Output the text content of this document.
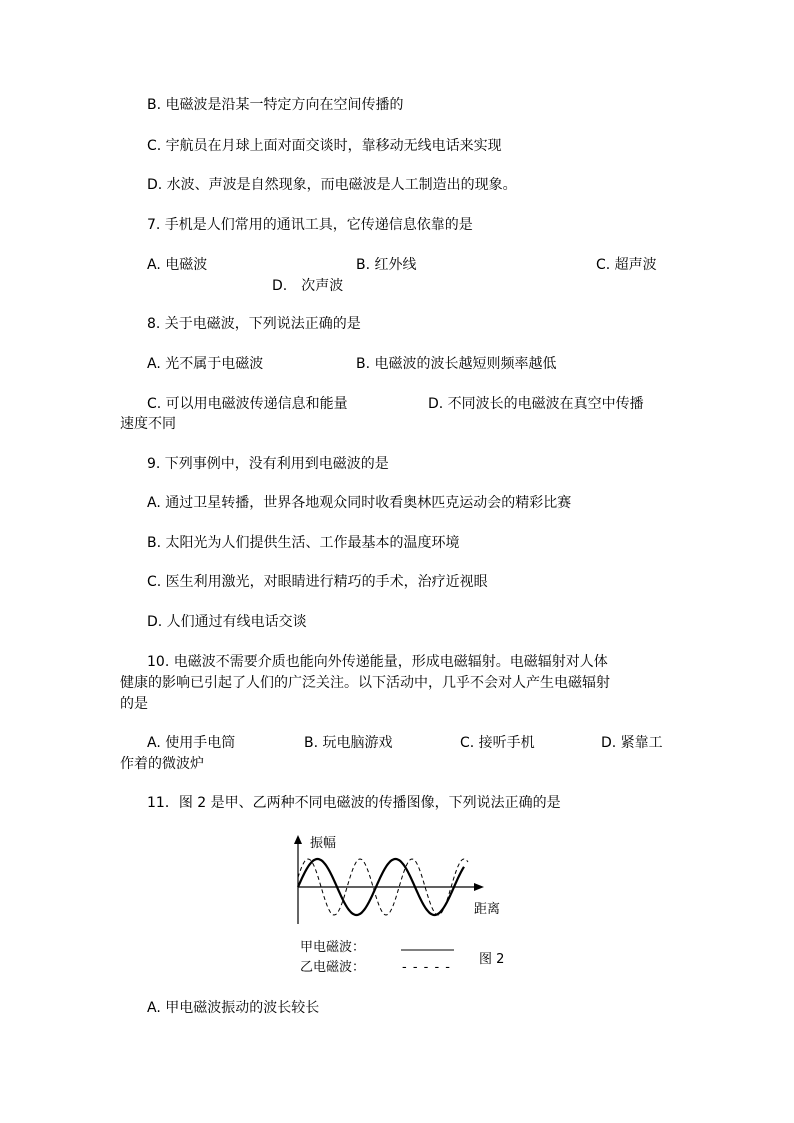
B. 电磁波是沿某一特定方向在空间传播的
C. 宇航员在月球上面对面交谈时，靠移动无线电话来实现
D. 水波、声波是自然现象，而电磁波是人工制造出的现象。
7. 手机是人们常用的通讯工具，它传递信息依靠的是
A. 电磁波	B. 红外线	C. 超声波
D.　次声波
8. 关于电磁波，下列说法正确的是
A. 光不属于电磁波	B. 电磁波的波长越短则频率越低
C. 可以用电磁波传递信息和能量	D. 不同波长的电磁波在真空中传播
速度不同
9. 下列事例中，没有利用到电磁波的是
A. 通过卫星转播，世界各地观众同时收看奥林匹克运动会的精彩比赛
B. 太阳光为人们提供生活、工作最基本的温度环境
C. 医生利用激光，对眼睛进行精巧的手术，治疗近视眼
D. 人们通过有线电话交谈
10. 电磁波不需要介质也能向外传递能量，形成电磁辐射。电磁辐射对人体
健康的影响已引起了人们的广泛关注。以下活动中，几乎不会对人产生电磁辐射
的是
A. 使用手电筒	B. 玩电脑游戏	C. 接听手机	D. 紧靠工
作着的微波炉
11．图 2 是甲、乙两种不同电磁波的传播图像，下列说法正确的是
振幅
距离
甲电磁波：
乙电磁波：	- - - - -
图 2
A. 甲电磁波振动的波长较长
